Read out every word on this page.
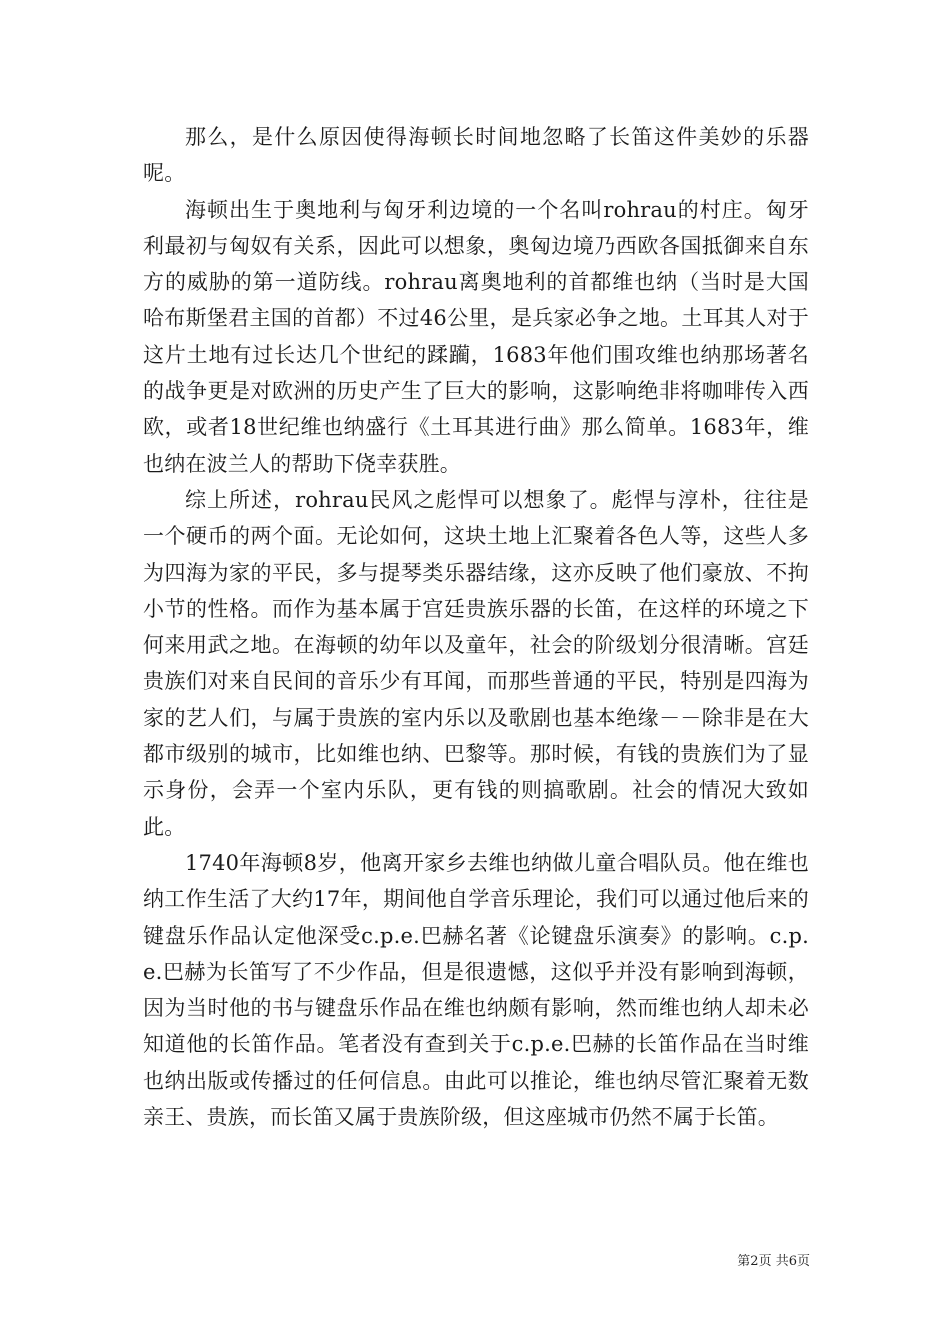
那么，是什么原因使得海顿长时间地忽略了长笛这件美妙的乐器呢。

海顿出生于奥地利与匈牙利边境的一个名叫rohrau的村庄。匈牙利最初与匈奴有关系，因此可以想象，奥匈边境乃西欧各国抵御来自东方的威胁的第一道防线。rohrau离奥地利的首都维也纳（当时是大国哈布斯堡君主国的首都）不过46公里，是兵家必争之地。土耳其人对于这片土地有过长达几个世纪的蹂躏，1683年他们围攻维也纳那场著名的战争更是对欧洲的历史产生了巨大的影响，这影响绝非将咖啡传入西欧，或者18世纪维也纳盛行《土耳其进行曲》那么简单。1683年，维也纳在波兰人的帮助下侥幸获胜。

综上所述，rohrau民风之彪悍可以想象了。彪悍与淳朴，往往是一个硬币的两个面。无论如何，这块土地上汇聚着各色人等，这些人多为四海为家的平民，多与提琴类乐器结缘，这亦反映了他们豪放、不拘小节的性格。而作为基本属于宫廷贵族乐器的长笛，在这样的环境之下何来用武之地。在海顿的幼年以及童年，社会的阶级划分很清晰。宫廷贵族们对来自民间的音乐少有耳闻，而那些普通的平民，特别是四海为家的艺人们，与属于贵族的室内乐以及歌剧也基本绝缘－－除非是在大都市级别的城市，比如维也纳、巴黎等。那时候，有钱的贵族们为了显示身份，会弄一个室内乐队，更有钱的则搞歌剧。社会的情况大致如此。

1740年海顿8岁，他离开家乡去维也纳做儿童合唱队员。他在维也纳工作生活了大约17年，期间他自学音乐理论，我们可以通过他后来的键盘乐作品认定他深受c.p.e.巴赫名著《论键盘乐演奏》的影响。c.p.e.巴赫为长笛写了不少作品，但是很遗憾，这似乎并没有影响到海顿，因为当时他的书与键盘乐作品在维也纳颇有影响，然而维也纳人却未必知道他的长笛作品。笔者没有查到关于c.p.e.巴赫的长笛作品在当时维也纳出版或传播过的任何信息。由此可以推论，维也纳尽管汇聚着无数亲王、贵族，而长笛又属于贵族阶级，但这座城市仍然不属于长笛。

第2页 共6页
